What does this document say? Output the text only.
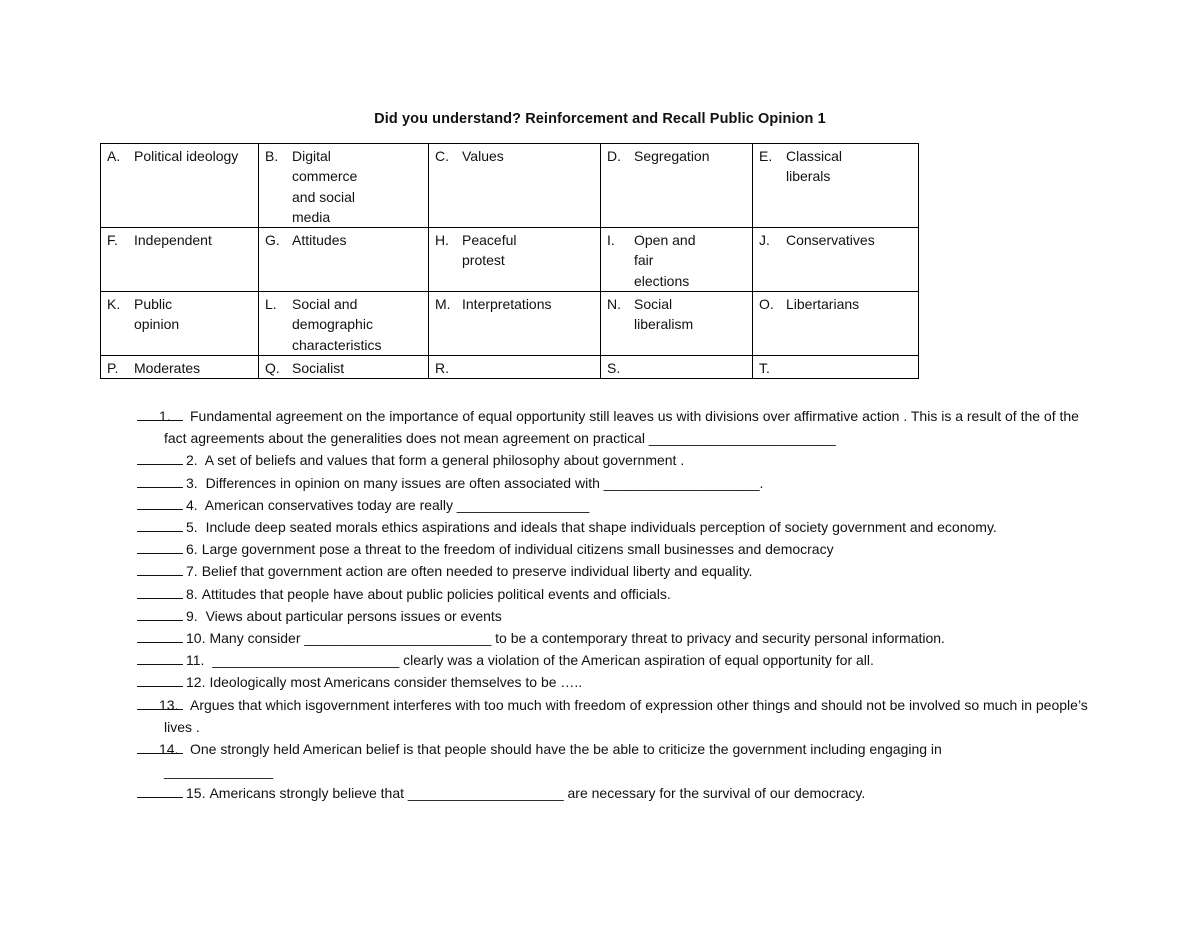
Did you understand? Reinforcement and Recall Public Opinion 1
A. Political ideology	B. Digital commerce and social media	C. Values	D. Segregation	E. Classical liberals

F. Independent	G. Attitudes	H. Peaceful protest	I. Open and fair elections	J. Conservatives

K. Public opinion	L. Social and demographic characteristics	M. Interpretations	N. Social liberalism	O. Libertarians

P. Moderates	Q. Socialist	R.	S.	T.
1. Fundamental agreement on the importance of equal opportunity still leaves us with divisions over affirmative action . This is a result of the of the fact agreements about the generalities does not mean agreement on practical ________________________
2. A set of beliefs and values that form a general philosophy about government .
3. Differences in opinion on many issues are often associated with ____________________.
4. American conservatives today are really _________________
5. Include deep seated morals ethics aspirations and ideals that shape individuals perception of society government and economy.
6. Large government pose a threat to the freedom of individual citizens small businesses and democracy
7. Belief that government action are often needed to preserve individual liberty and equality.
8. Attitudes that people have about public policies political events and officials.
9. Views about particular persons issues or events
10. Many consider ________________________ to be a contemporary threat to privacy and security personal information.
11. ________________________ clearly was a violation of the American aspiration of equal opportunity for all.
12. Ideologically most Americans consider themselves to be …..
13. Argues that which isgovernment interferes with too much with freedom of expression other things and should not be involved so much in people’s lives .
14. One strongly held American belief is that people should have the be able to criticize the government including engaging in ______________
15. Americans strongly believe that ____________________ are necessary for the survival of our democracy.
